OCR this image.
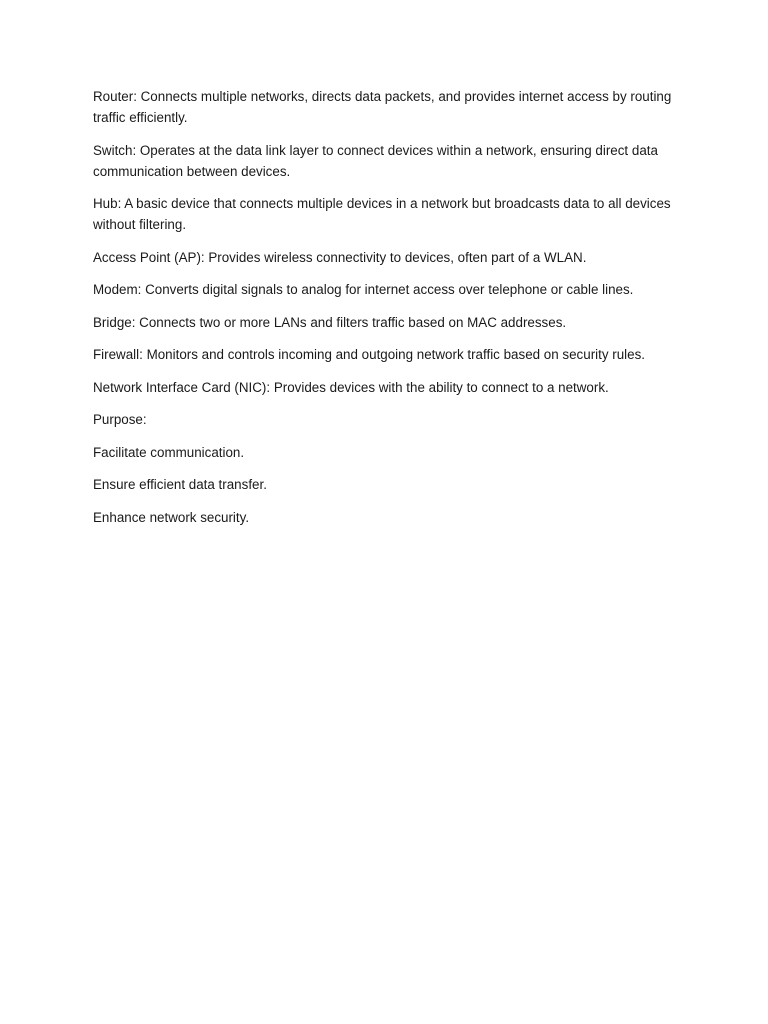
Router: Connects multiple networks, directs data packets, and provides internet access by routing traffic efficiently.

Switch: Operates at the data link layer to connect devices within a network, ensuring direct data communication between devices.

Hub: A basic device that connects multiple devices in a network but broadcasts data to all devices without filtering.

Access Point (AP): Provides wireless connectivity to devices, often part of a WLAN.

Modem: Converts digital signals to analog for internet access over telephone or cable lines.

Bridge: Connects two or more LANs and filters traffic based on MAC addresses.

Firewall: Monitors and controls incoming and outgoing network traffic based on security rules.

Network Interface Card (NIC): Provides devices with the ability to connect to a network.

Purpose:

Facilitate communication.

Ensure efficient data transfer.

Enhance network security.
